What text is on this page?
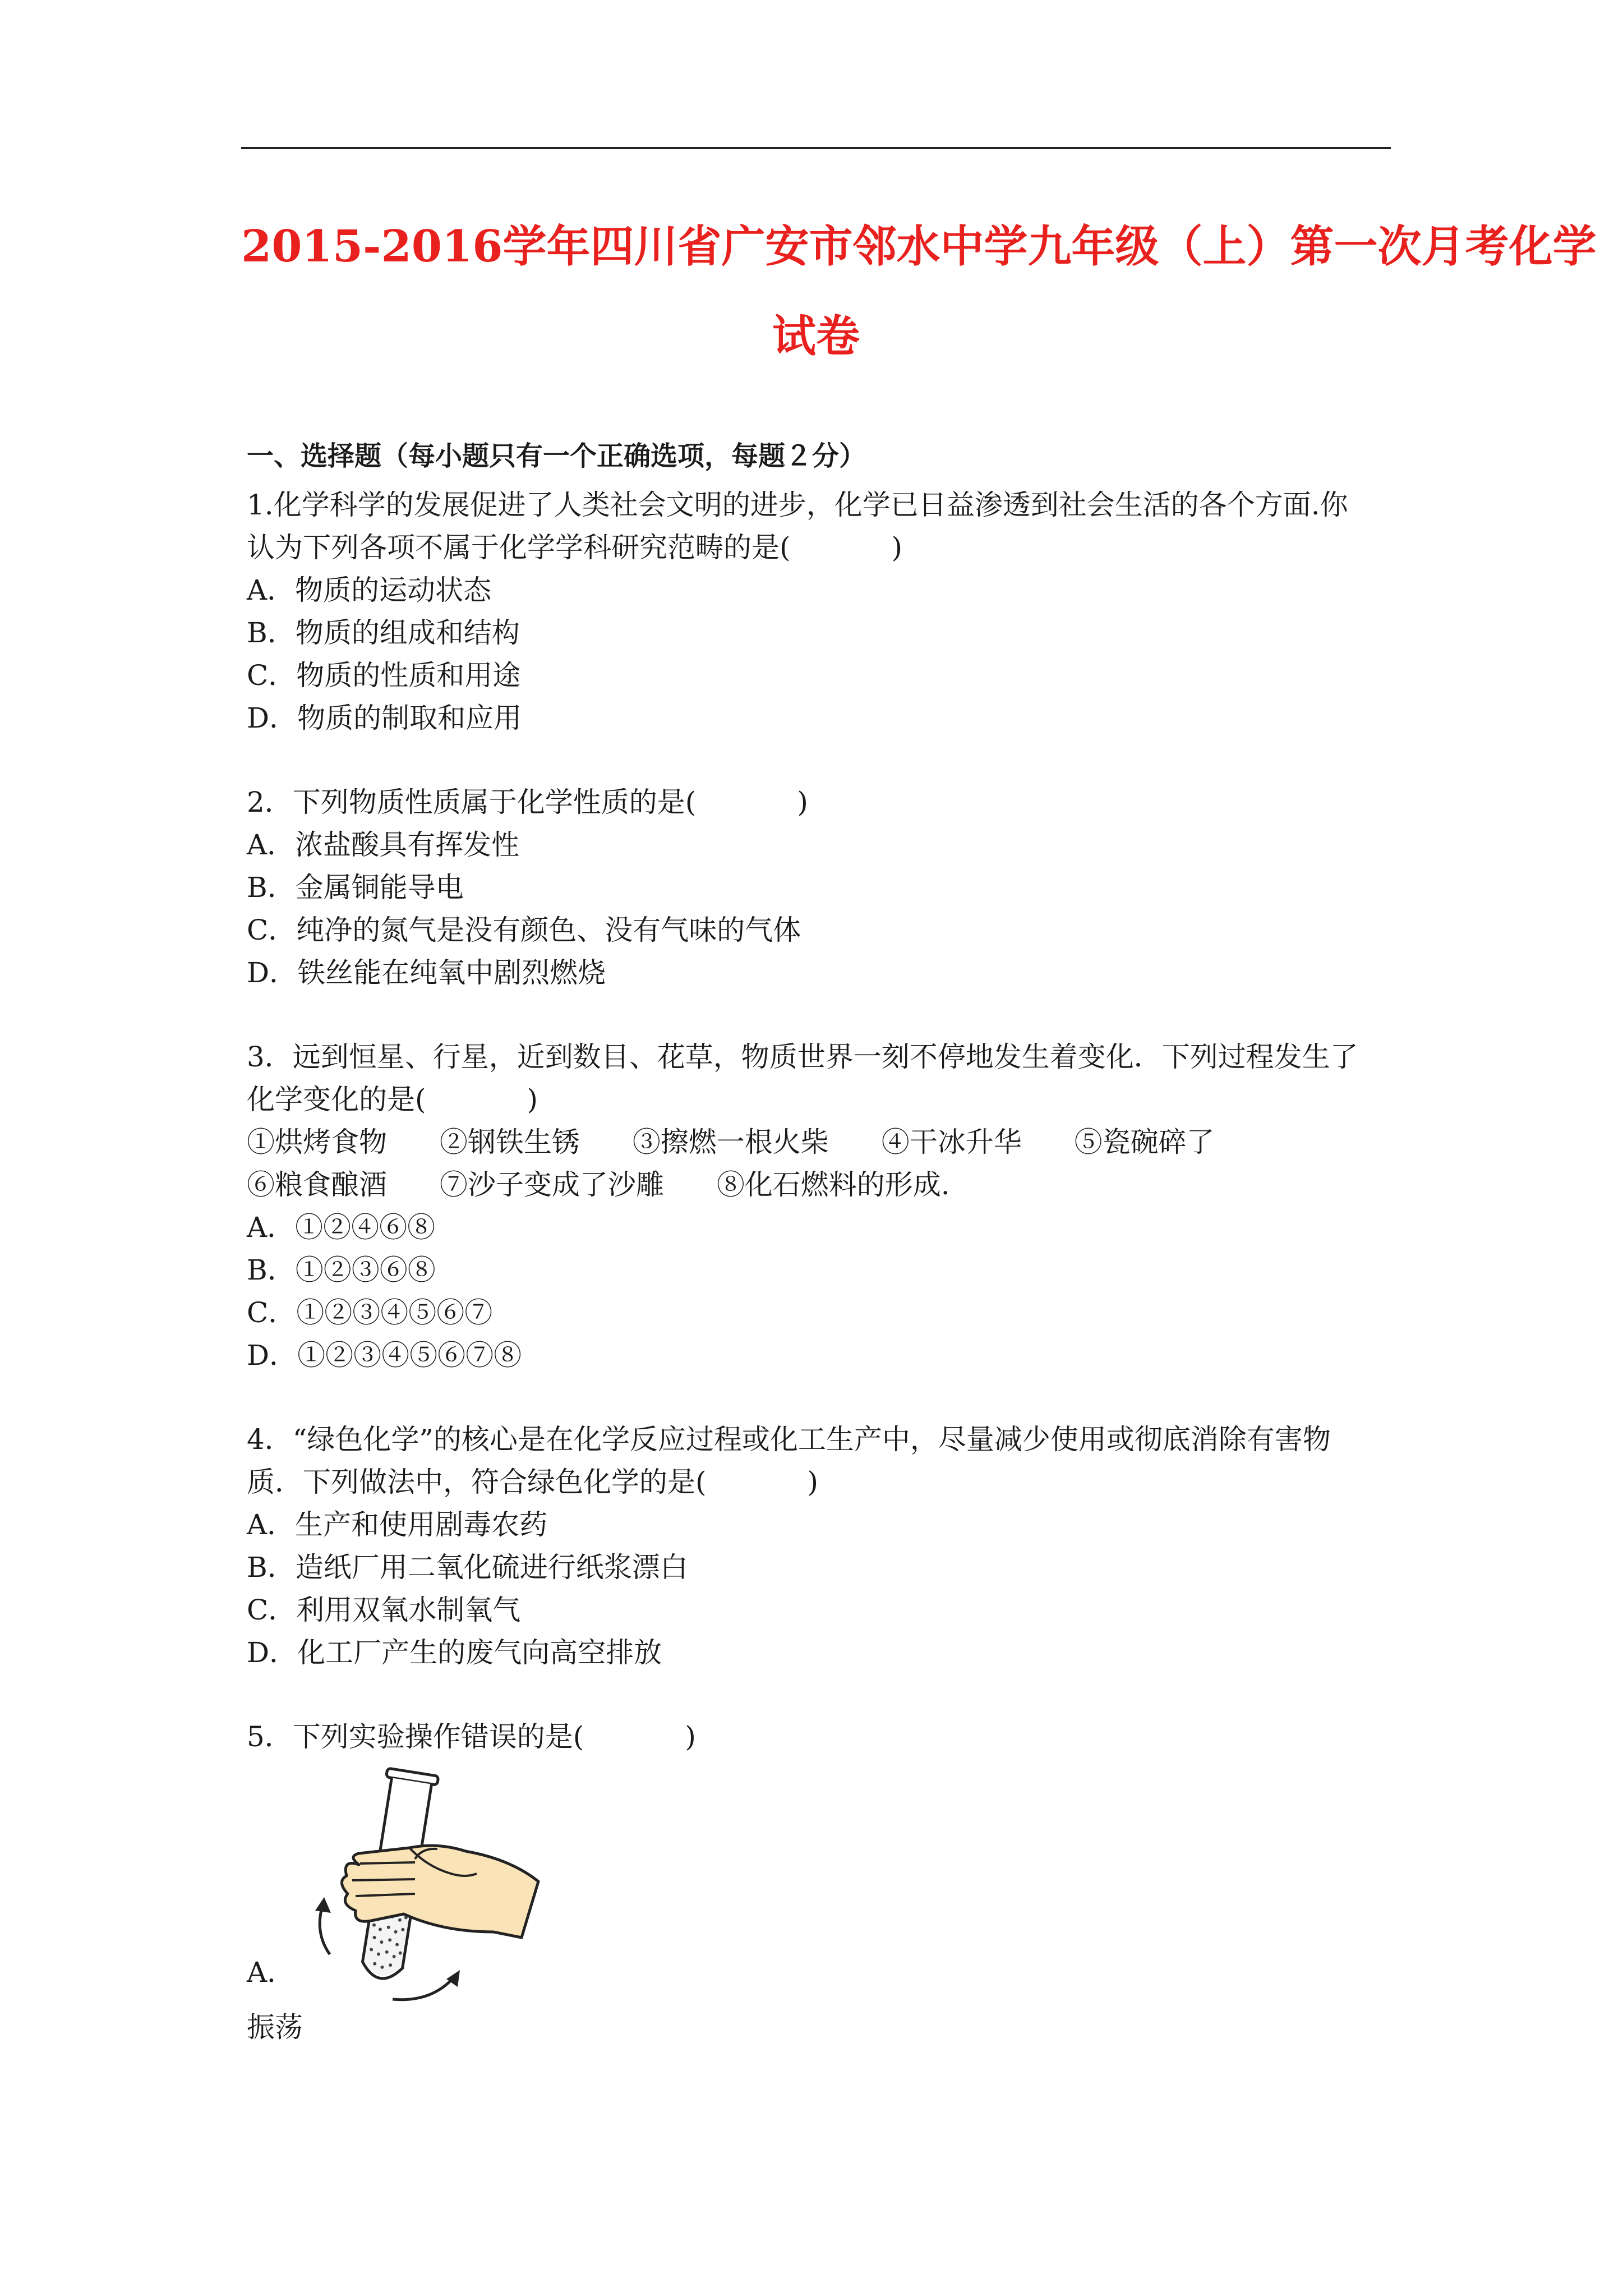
2015-2016学年四川省广安市邻水中学九年级（上）第一次月考化学
试卷
一、选择题（每小题只有一个正确选项，每题２分）
1.化学科学的发展促进了人类社会文明的进步，化学已日益渗透到社会生活的各个方面.你
认为下列各项不属于化学学科研究范畴的是(	)
A．物质的运动状态
B．物质的组成和结构
C．物质的性质和用途
D．物质的制取和应用
2．下列物质性质属于化学性质的是(	)
A．浓盐酸具有挥发性
B．金属铜能导电
C．纯净的氮气是没有颜色、没有气味的气体
D．铁丝能在纯氧中剧烈燃烧
3．远到恒星、行星，近到数目、花草，物质世界一刻不停地发生着变化．下列过程发生了
化学变化的是(	)
①烘烤食物 ②钢铁生锈 ③擦燃一根火柴 ④干冰升华 ⑤瓷碗碎了
⑥粮食酿酒 ⑦沙子变成了沙雕 ⑧化石燃料的形成.
A．①②④⑥⑧
B．①②③⑥⑧
C．①②③④⑤⑥⑦
D．①②③④⑤⑥⑦⑧
4．“绿色化学”的核心是在化学反应过程或化工生产中，尽量减少使用或彻底消除有害物
质．下列做法中，符合绿色化学的是(	)
A．生产和使用剧毒农药
B．造纸厂用二氧化硫进行纸浆漂白
C．利用双氧水制氧气
D．化工厂产生的废气向高空排放
5．下列实验操作错误的是(	)
A．
振荡
